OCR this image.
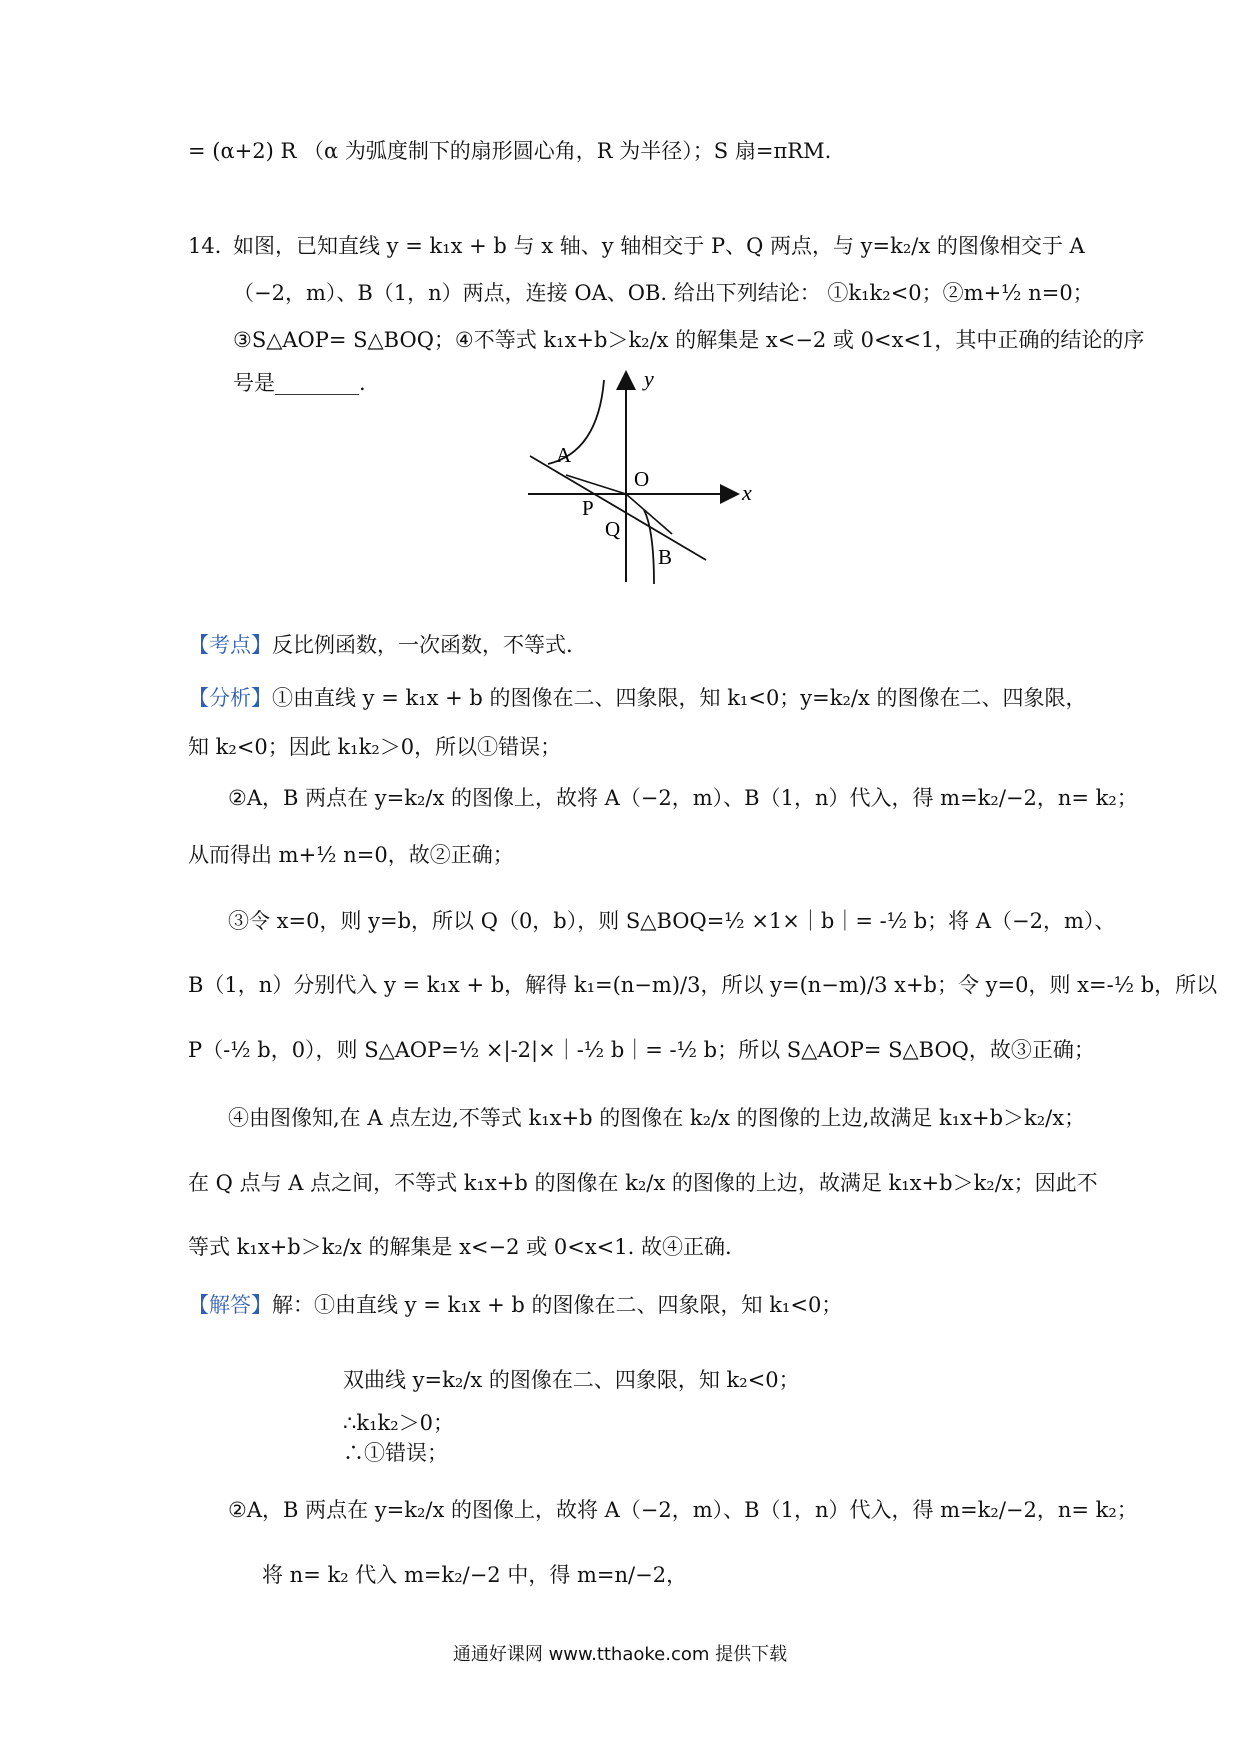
= (α+2) R （α 为弧度制下的扇形圆心角，R 为半径）；S 扇=πRM.
14．
如图，已知直线 y = k₁x + b 与 x 轴、y 轴相交于 P、Q 两点，与 y=k₂/x 的图像相交于 A
（−2，m）、B（1，n）两点，连接 OA、OB. 给出下列结论： ①k₁k₂<0；②m+½ n=0；
③S△AOP= S△BOQ；④不等式 k₁x+b＞k₂/x 的解集是 x<−2 或 0<x<1，其中正确的结论的序
号是________.	y
x
A
O
P
Q
B
【考点】反比例函数，一次函数，不等式.
【分析】①由直线 y = k₁x + b 的图像在二、四象限，知 k₁<0；y=k₂/x 的图像在二、四象限，
知 k₂<0；因此 k₁k₂＞0，所以①错误；
②A，B 两点在 y=k₂/x 的图像上，故将 A（−2，m）、B（1，n）代入，得 m=k₂/−2，n= k₂；
从而得出 m+½ n=0，故②正确；
③令 x=0，则 y=b，所以 Q（0，b），则 S△BOQ=½ ×1×｜b｜= -½ b；将 A（−2，m）、
B（1，n）分别代入 y = k₁x + b，解得 k₁=(n−m)/3，所以 y=(n−m)/3 x+b；令 y=0，则 x=-½ b，所以
P（-½ b，0），则 S△AOP=½ ×|-2|×｜-½ b｜= -½ b；所以 S△AOP= S△BOQ，故③正确；
④由图像知,在 A 点左边,不等式 k₁x+b 的图像在 k₂/x 的图像的上边,故满足 k₁x+b＞k₂/x；
在 Q 点与 A 点之间，不等式 k₁x+b 的图像在 k₂/x 的图像的上边，故满足 k₁x+b＞k₂/x；因此不
等式 k₁x+b＞k₂/x 的解集是 x<−2 或 0<x<1. 故④正确.
【解答】解：①由直线 y = k₁x + b 的图像在二、四象限，知 k₁<0；
双曲线 y=k₂/x 的图像在二、四象限，知 k₂<0；
∴k₁k₂＞0；
∴①错误；
②A，B 两点在 y=k₂/x 的图像上，故将 A（−2，m）、B（1，n）代入，得 m=k₂/−2，n= k₂；
将 n= k₂ 代入 m=k₂/−2 中，得 m=n/−2，
通通好课网 www.tthaoke.com 提供下载
